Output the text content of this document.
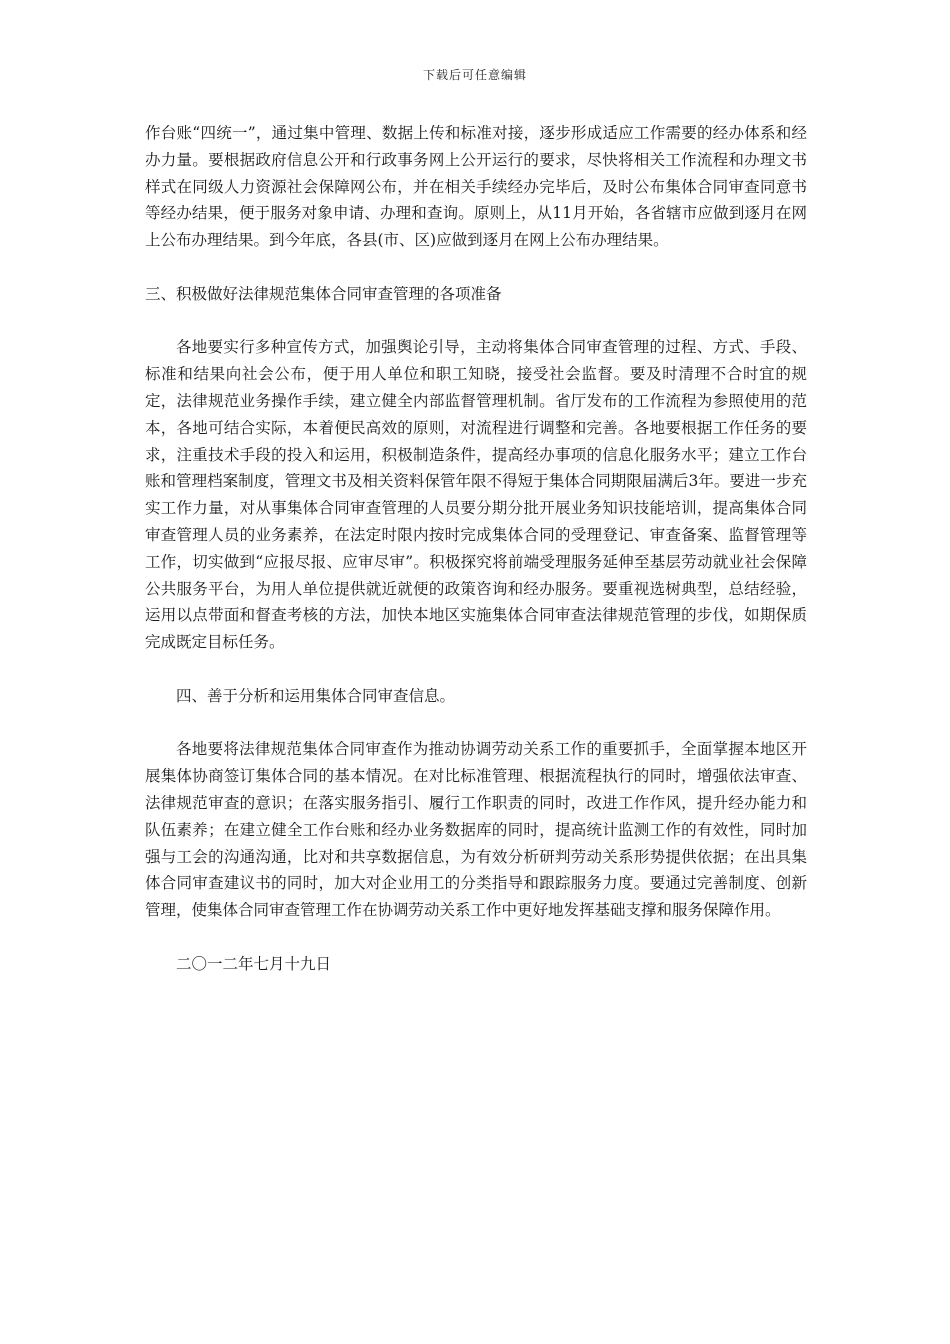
下载后可任意编辑

作台账“四统一”，通过集中管理、数据上传和标准对接，逐步形成适应工作需要的经办体系和经办力量。要根据政府信息公开和行政事务网上公开运行的要求，尽快将相关工作流程和办理文书样式在同级人力资源社会保障网公布，并在相关手续经办完毕后，及时公布集体合同审查同意书等经办结果，便于服务对象申请、办理和查询。原则上，从11月开始，各省辖市应做到逐月在网上公布办理结果。到今年底，各县(市、区)应做到逐月在网上公布办理结果。

三、积极做好法律规范集体合同审查管理的各项准备

各地要实行多种宣传方式，加强舆论引导，主动将集体合同审查管理的过程、方式、手段、标准和结果向社会公布，便于用人单位和职工知晓，接受社会监督。要及时清理不合时宜的规定，法律规范业务操作手续，建立健全内部监督管理机制。省厅发布的工作流程为参照使用的范本，各地可结合实际，本着便民高效的原则，对流程进行调整和完善。各地要根据工作任务的要求，注重技术手段的投入和运用，积极制造条件，提高经办事项的信息化服务水平；建立工作台账和管理档案制度，管理文书及相关资料保管年限不得短于集体合同期限届满后3年。要进一步充实工作力量，对从事集体合同审查管理的人员要分期分批开展业务知识技能培训，提高集体合同审查管理人员的业务素养，在法定时限内按时完成集体合同的受理登记、审查备案、监督管理等工作，切实做到“应报尽报、应审尽审”。积极探究将前端受理服务延伸至基层劳动就业社会保障公共服务平台，为用人单位提供就近就便的政策咨询和经办服务。要重视选树典型，总结经验，运用以点带面和督查考核的方法，加快本地区实施集体合同审查法律规范管理的步伐，如期保质完成既定目标任务。

四、善于分析和运用集体合同审查信息。

各地要将法律规范集体合同审查作为推动协调劳动关系工作的重要抓手，全面掌握本地区开展集体协商签订集体合同的基本情况。在对比标准管理、根据流程执行的同时，增强依法审查、法律规范审查的意识；在落实服务指引、履行工作职责的同时，改进工作作风，提升经办能力和队伍素养；在建立健全工作台账和经办业务数据库的同时，提高统计监测工作的有效性，同时加强与工会的沟通沟通，比对和共享数据信息，为有效分析研判劳动关系形势提供依据；在出具集体合同审查建议书的同时，加大对企业用工的分类指导和跟踪服务力度。要通过完善制度、创新管理，使集体合同审查管理工作在协调劳动关系工作中更好地发挥基础支撑和服务保障作用。

二〇一二年七月十九日
